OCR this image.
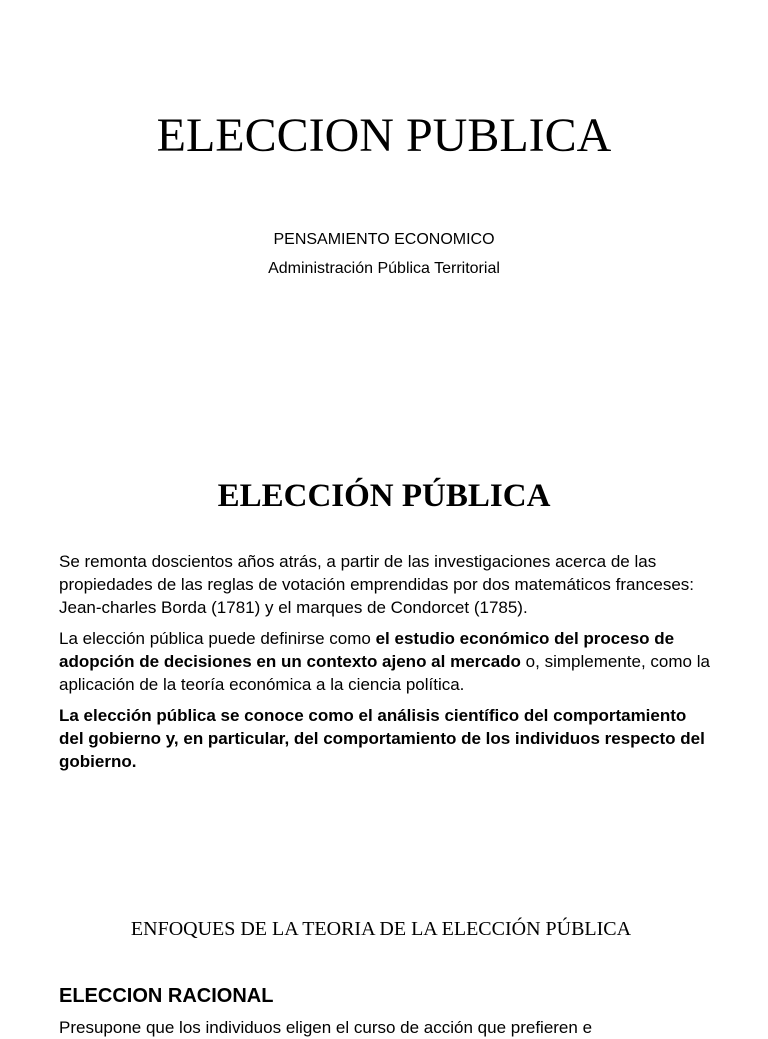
ELECCION PUBLICA
PENSAMIENTO ECONOMICO
Administración Pública Territorial
ELECCIÓN PÚBLICA

Se remonta doscientos años atrás, a partir de las investigaciones acerca de las propiedades de las reglas de votación emprendidas por dos matemáticos franceses: Jean-charles Borda (1781) y el marques de Condorcet (1785).

La elección pública puede definirse como el estudio económico del proceso de adopción de decisiones en un contexto ajeno al mercado o, simplemente, como la aplicación de la teoría económica a la ciencia política.

La elección pública se conoce como el análisis científico del comportamiento del gobierno y, en particular, del comportamiento de los individuos respecto del gobierno.

ENFOQUES DE LA TEORIA DE LA ELECCIÓN PÚBLICA
ELECCION RACIONAL
Presupone que los individuos eligen el curso de acción que prefieren e
